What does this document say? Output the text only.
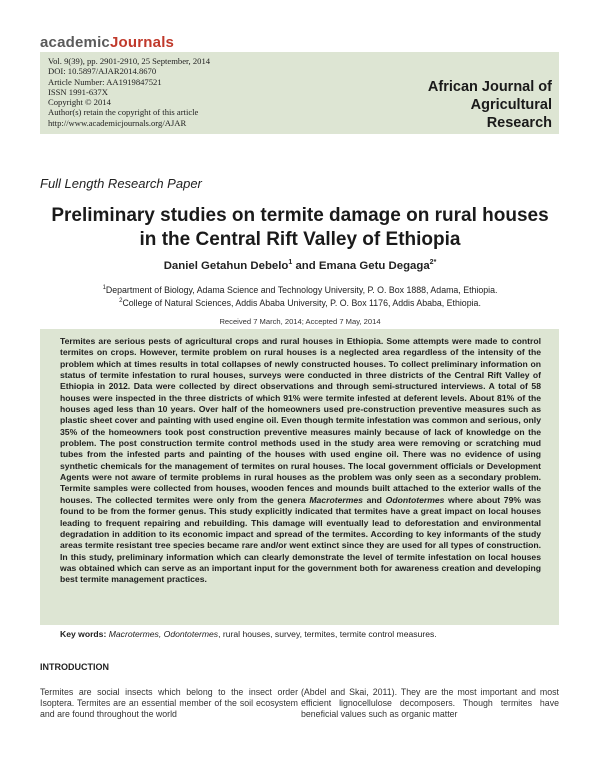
academicJournals
Vol. 9(39), pp. 2901-2910, 25 September, 2014
DOI: 10.5897/AJAR2014.8670
Article Number: AA1919847521
ISSN 1991-637X
Copyright © 2014
Author(s) retain the copyright of this article
http://www.academicjournals.org/AJAR
African Journal of Agricultural
Research
Full Length Research Paper
Preliminary studies on termite damage on rural houses
in the Central Rift Valley of Ethiopia
Daniel Getahun Debelo$^1$ and Emana Getu Degaga$^{2*}$
$^1$Department of Biology, Adama Science and Technology University, P. O. Box 1888, Adama, Ethiopia.
$^2$College of Natural Sciences, Addis Ababa University, P. O. Box 1176, Addis Ababa, Ethiopia.
Received 7 March, 2014; Accepted 7 May, 2014

Termites are serious pests of agricultural crops and rural houses in Ethiopia. Some attempts were made to control termites on crops. However, termite problem on rural houses is a neglected area regardless of the intensity of the problem which at times results in total collapses of newly constructed houses. To collect preliminary information on status of termite infestation to rural houses, surveys were conducted in three districts of the Central Rift Valley of Ethiopia in 2012. Data were collected by direct observations and through semi-structured interviews. A total of 58 houses were inspected in the three districts of which 91% were termite infested at deferent levels. About 81% of the houses aged less than 10 years. Over half of the homeowners used pre-construction preventive measures such as plastic sheet cover and painting with used engine oil. Even though termite infestation was common and serious, only 35% of the homeowners took post construction preventive measures mainly because of lack of knowledge on the problem. The post construction termite control methods used in the study area were removing or scratching mud tubes from the infested parts and painting of the houses with used engine oil. There was no evidence of using synthetic chemicals for the management of termites on rural houses. The local government officials or Development Agents were not aware of termite problems in rural houses as the problem was only seen as a secondary problem. Termite samples were collected from houses, wooden fences and mounds built attached to the exterior walls of the houses. The collected termites were only from the genera Macrotermes and Odontotermes where about 79% was found to be from the former genus. This study explicitly indicated that termites have a great impact on local houses leading to frequent repairing and rebuilding. This damage will eventually lead to deforestation and environmental degradation in addition to its economic impact and spread of the termites. According to key informants of the study areas termite resistant tree species became rare and/or went extinct since they are used for all types of construction. In this study, preliminary information which can clearly demonstrate the level of termite infestation on local houses was obtained which can serve as an important input for the government both for awareness creation and developing best termite management practices.

Key words: Macrotermes, Odontotermes, rural houses, survey, termites, termite control measures.
INTRODUCTION

Termites are social insects which belong to the insect order Isoptera. Termites are an essential member of the soil ecosystem and are found throughout the world

(Abdel and Skai, 2011). They are the most important and most efficient lignocellulose decomposers. Though termites have beneficial values such as organic matter
